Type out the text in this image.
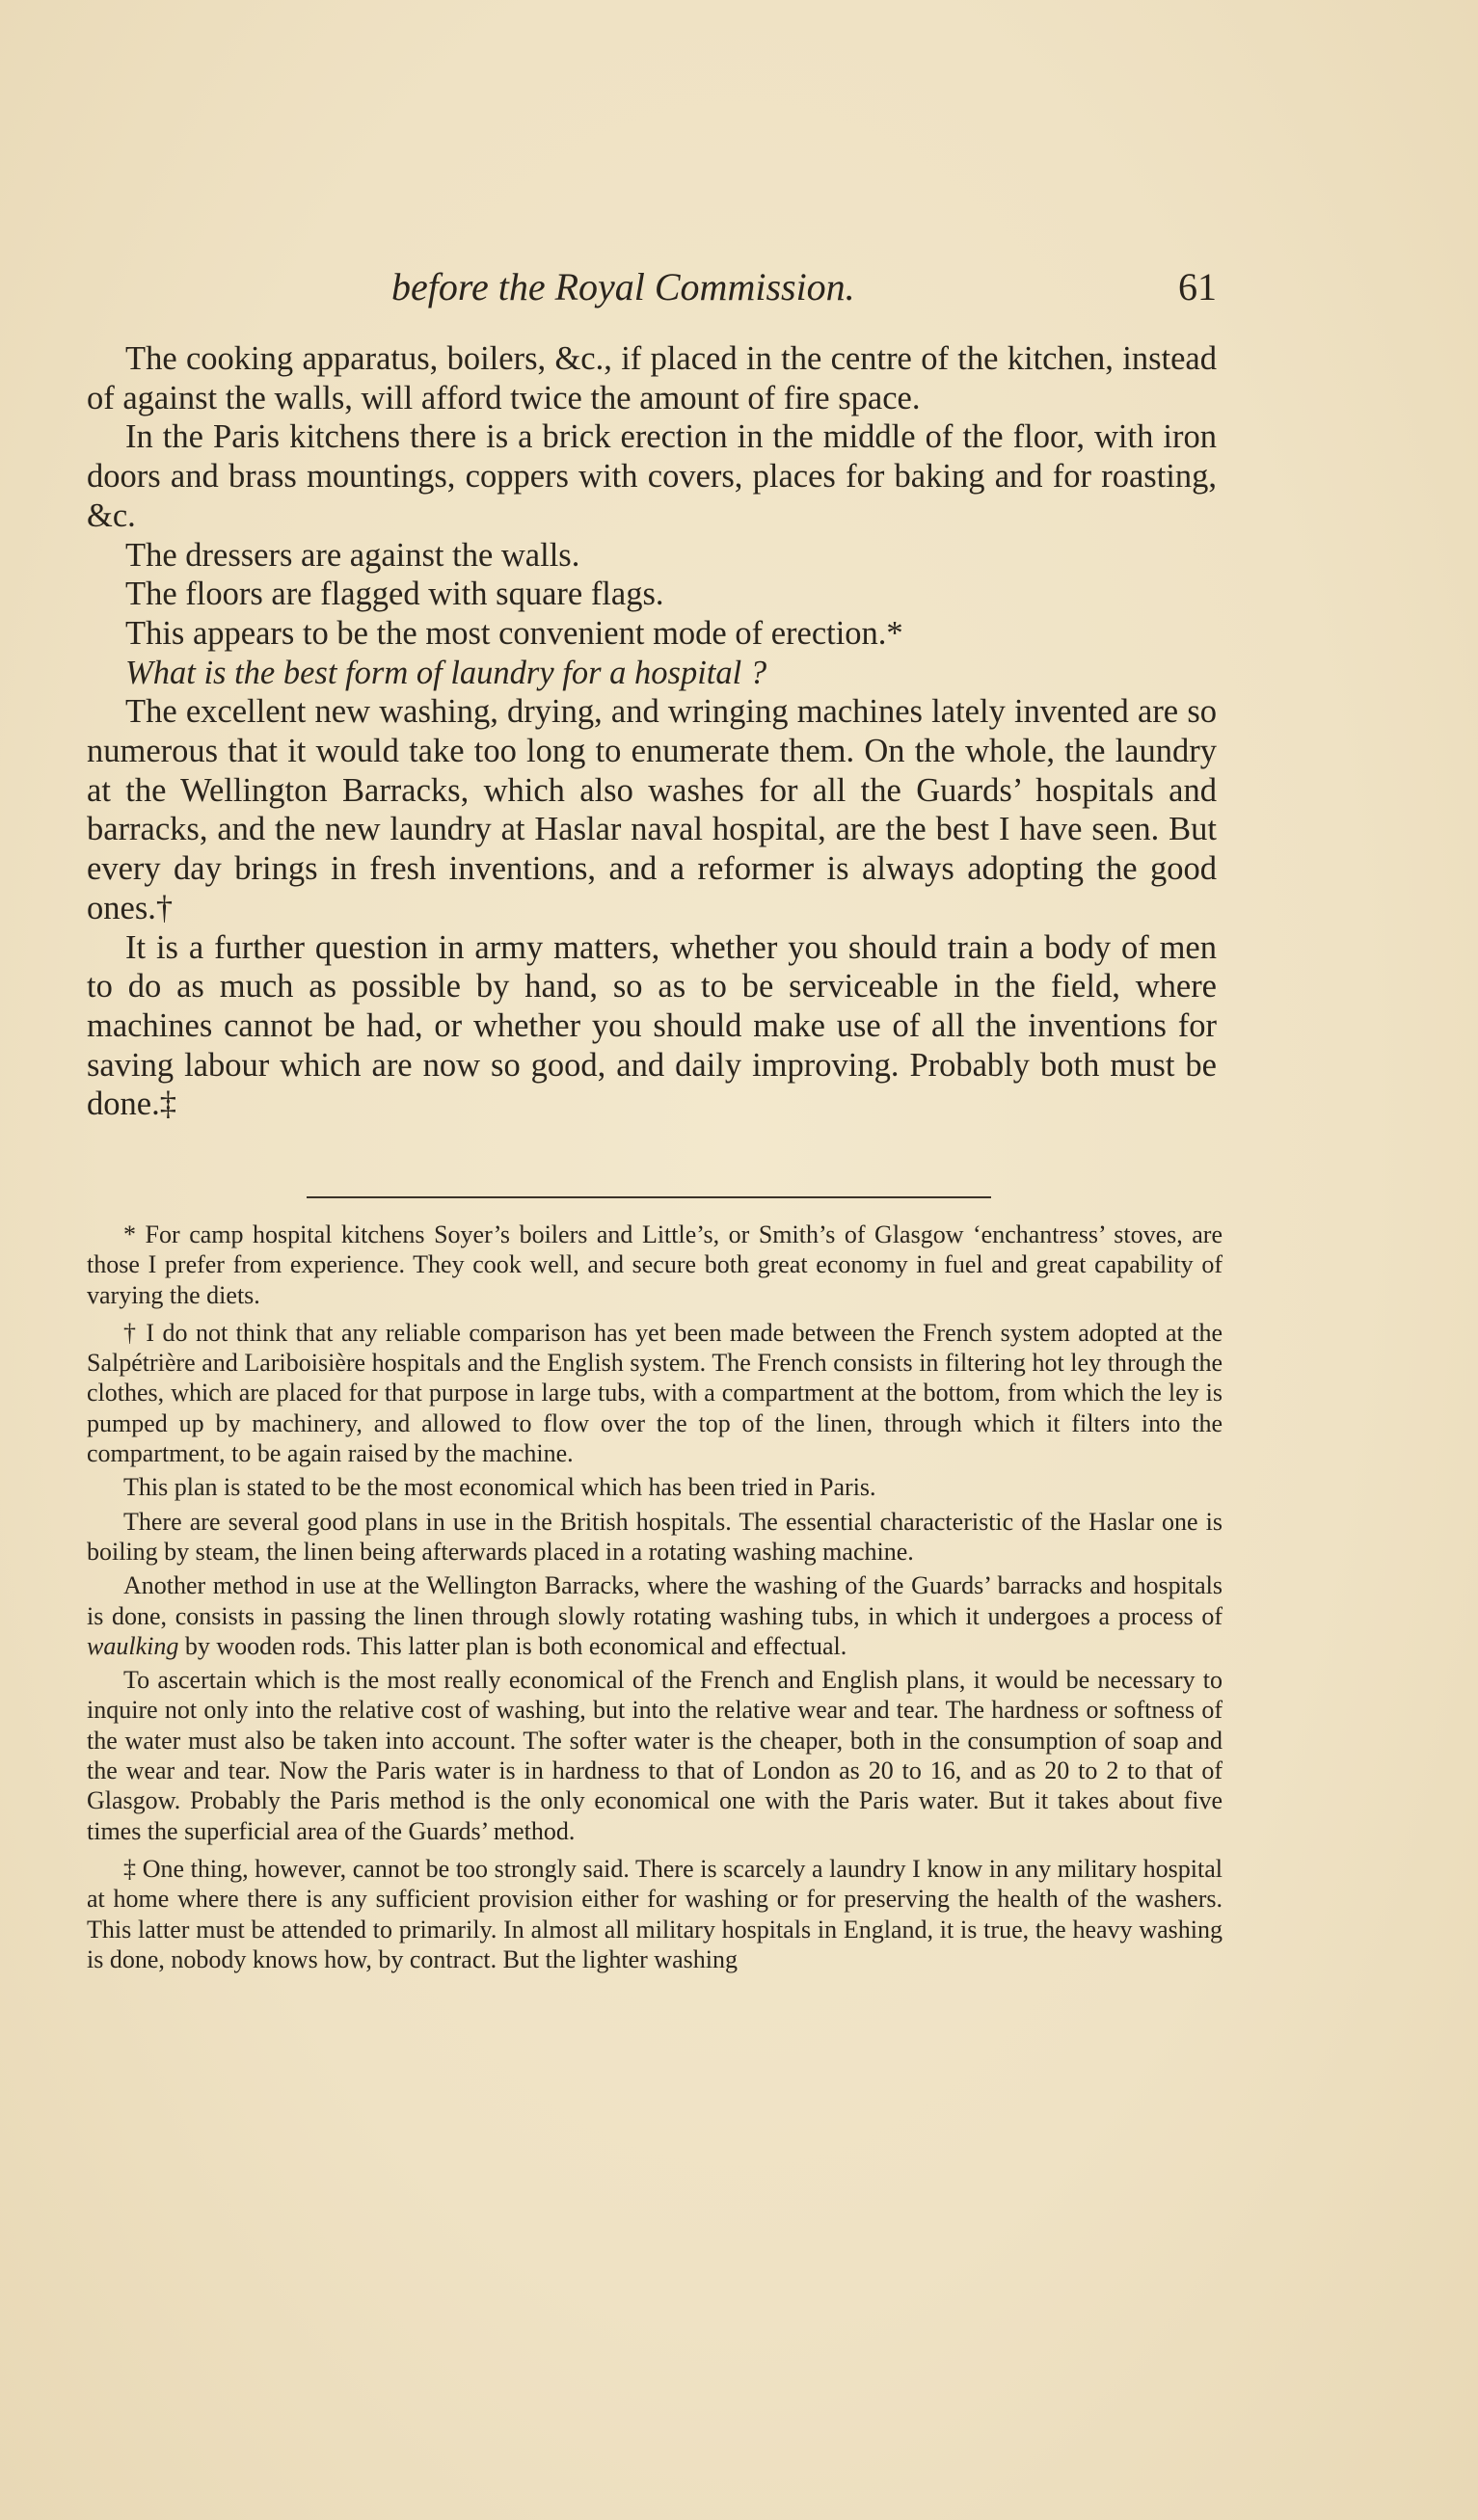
before the Royal Commission.	61

The cooking apparatus, boilers, &c., if placed in the centre of the kitchen, instead of against the walls, will afford twice the amount of fire space.

In the Paris kitchens there is a brick erection in the middle of the floor, with iron doors and brass mountings, coppers with covers, places for baking and for roasting, &c.

The dressers are against the walls.

The floors are flagged with square flags.

This appears to be the most convenient mode of erection.*

What is the best form of laundry for a hospital ?

The excellent new washing, drying, and wringing machines lately invented are so numerous that it would take too long to enumerate them. On the whole, the laundry at the Wellington Barracks, which also washes for all the Guards’ hospitals and barracks, and the new laundry at Haslar naval hospital, are the best I have seen. But every day brings in fresh inventions, and a reformer is always adopting the good ones.†

It is a further question in army matters, whether you should train a body of men to do as much as possible by hand, so as to be serviceable in the field, where machines cannot be had, or whether you should make use of all the inventions for saving labour which are now so good, and daily improving. Probably both must be done.‡

* For camp hospital kitchens Soyer’s boilers and Little’s, or Smith’s of Glasgow ‘enchantress’ stoves, are those I prefer from experience. They cook well, and secure both great economy in fuel and great capability of varying the diets.

† I do not think that any reliable comparison has yet been made between the French system adopted at the Salpétrière and Lariboisière hospitals and the English system. The French consists in filtering hot ley through the clothes, which are placed for that purpose in large tubs, with a compartment at the bottom, from which the ley is pumped up by machinery, and allowed to flow over the top of the linen, through which it filters into the compartment, to be again raised by the machine.

This plan is stated to be the most economical which has been tried in Paris.

There are several good plans in use in the British hospitals. The essential characteristic of the Haslar one is boiling by steam, the linen being afterwards placed in a rotating washing machine.

Another method in use at the Wellington Barracks, where the washing of the Guards’ barracks and hospitals is done, consists in passing the linen through slowly rotating washing tubs, in which it undergoes a process of waulking by wooden rods. This latter plan is both economical and effectual.

To ascertain which is the most really economical of the French and English plans, it would be necessary to inquire not only into the relative cost of washing, but into the relative wear and tear. The hardness or softness of the water must also be taken into account. The softer water is the cheaper, both in the consumption of soap and the wear and tear. Now the Paris water is in hardness to that of London as 20 to 16, and as 20 to 2 to that of Glasgow. Probably the Paris method is the only economical one with the Paris water. But it takes about five times the superficial area of the Guards’ method.

‡ One thing, however, cannot be too strongly said. There is scarcely a laundry I know in any military hospital at home where there is any sufficient provision either for washing or for preserving the health of the washers. This latter must be attended to primarily. In almost all military hospitals in England, it is true, the heavy washing is done, nobody knows how, by contract. But the lighter washing
